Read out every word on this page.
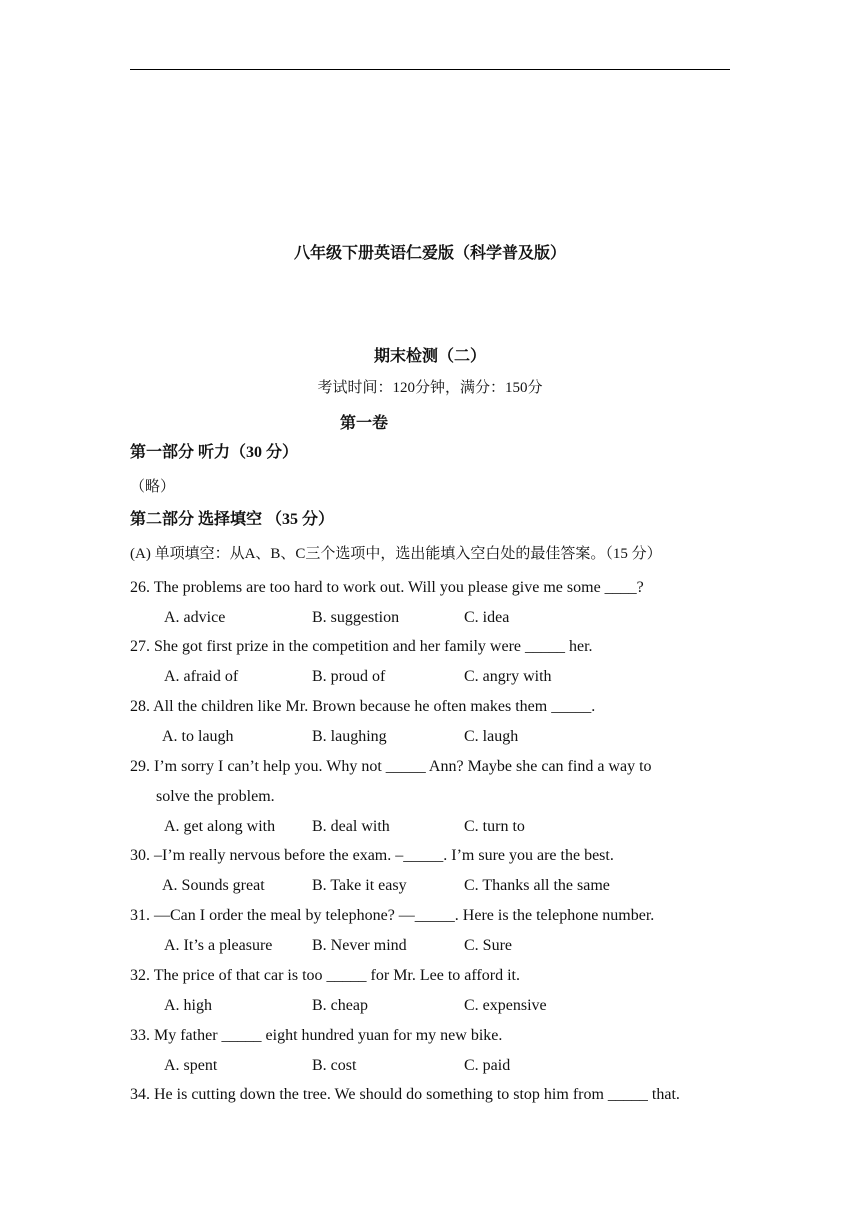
八年级下册英语仁爱版（科学普及版）
期末检测（二）
考试时间：120分钟，满分：150分
第一卷
第一部分 听力（30 分）
（略）
第二部分 选择填空 （35 分）
(A) 单项填空：从A、B、C三个选项中，选出能填入空白处的最佳答案。（15 分）
26. The problems are too hard to work out. Will you please give me some ____?
A. advice	B. suggestion	C. idea
27. She got first prize in the competition and her family were _____ her.
A. afraid of	B. proud of	C. angry with
28. All the children like Mr. Brown because he often makes them _____.
A. to laugh	B. laughing	C. laugh
29. I’m sorry I can’t help you. Why not _____ Ann? Maybe she can find a way to
solve the problem.
A. get along with B. deal with	C. turn to
30. –I’m really nervous before the exam. –_____. I’m sure you are the best.
A. Sounds great	B. Take it easy	C. Thanks all the same
31. —Can I order the meal by telephone? —_____. Here is the telephone number.
A. It’s a pleasure B. Never mind	C. Sure
32. The price of that car is too _____ for Mr. Lee to afford it.
A. high	B. cheap	C. expensive
33. My father _____ eight hundred yuan for my new bike.
A. spent	B. cost	C. paid
34. He is cutting down the tree. We should do something to stop him from _____ that.
